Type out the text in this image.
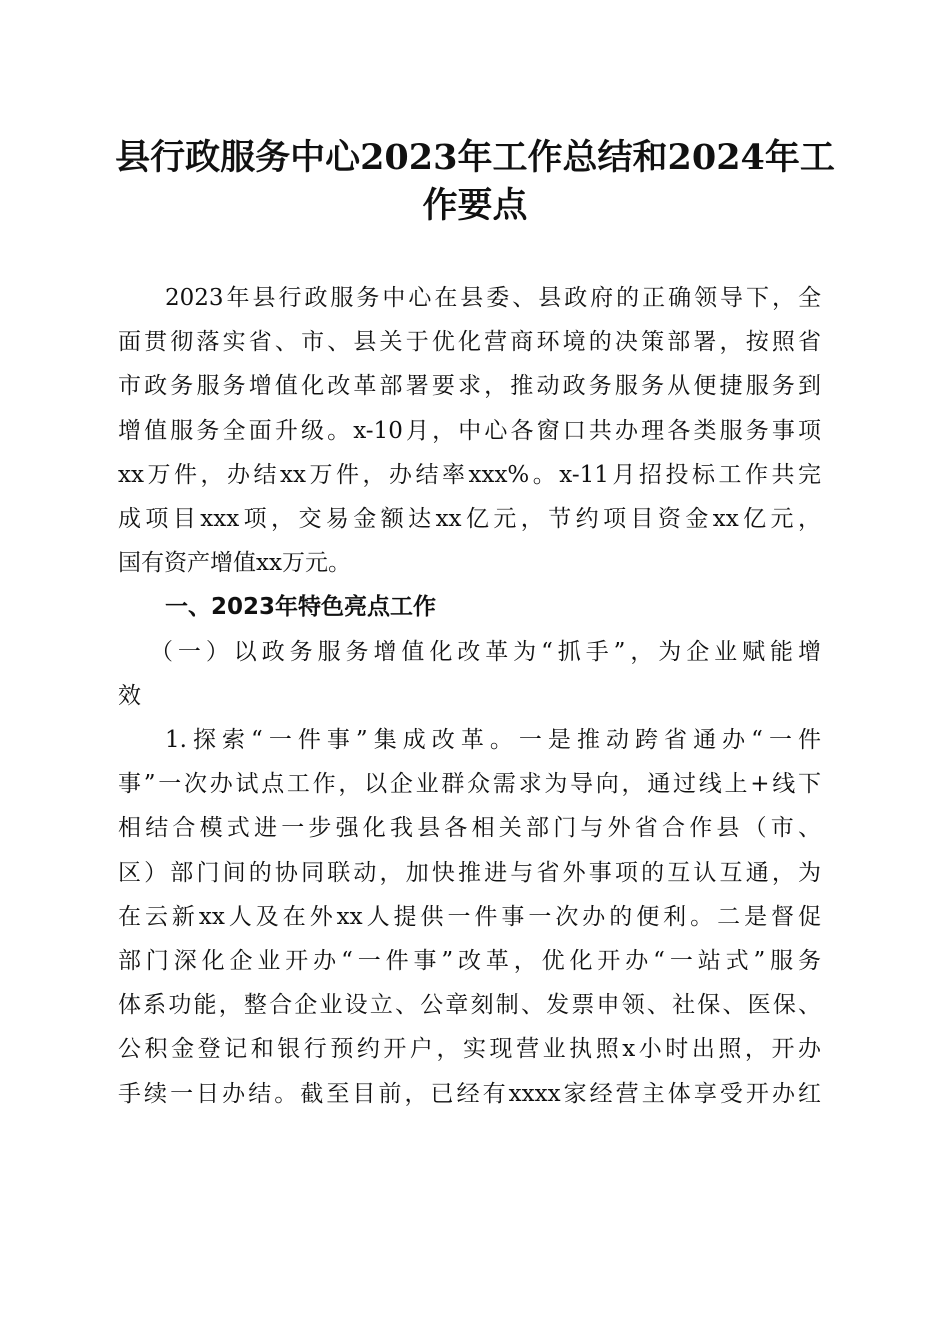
县行政服务中心2023年工作总结和2024年工
作要点
2023年县行政服务中心在县委、县政府的正确领导下，全
面贯彻落实省、市、县关于优化营商环境的决策部署，按照省
市政务服务增值化改革部署要求，推动政务服务从便捷服务到
增值服务全面升级。x-10月，中心各窗口共办理各类服务事项
xx万件，办结xx万件，办结率xxx%。x-11月招投标工作共完
成项目xxx项，交易金额达xx亿元，节约项目资金xx亿元，
国有资产增值xx万元。
一、2023年特色亮点工作
（一）以政务服务增值化改革为“抓手”，为企业赋能增
效
1.探索“一件事”集成改革。一是推动跨省通办“一件
事”一次办试点工作，以企业群众需求为导向，通过线上+线下
相结合模式进一步强化我县各相关部门与外省合作县（市、
区）部门间的协同联动，加快推进与省外事项的互认互通，为
在云新xx人及在外xx人提供一件事一次办的便利。二是督促
部门深化企业开办“一件事”改革，优化开办“一站式”服务
体系功能，整合企业设立、公章刻制、发票申领、社保、医保、
公积金登记和银行预约开户，实现营业执照x小时出照，开办
手续一日办结。截至目前，已经有xxxx家经营主体享受开办红
